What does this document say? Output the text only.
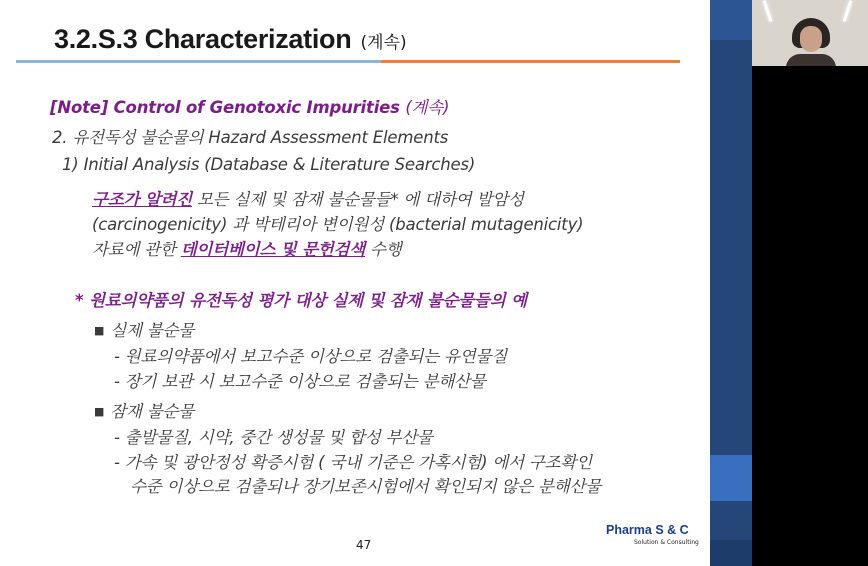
3.2.S.3 Characterization (계속)
[Note] Control of Genotoxic Impurities (계속)
2. 유전독성 불순물의 Hazard Assessment Elements
1) Initial Analysis (Database & Literature Searches)
구조가 알려진 모든 실제 및 잠재 불순물들* 에 대하여 발암성
(carcinogenicity) 과 박테리아 변이원성 (bacterial mutagenicity)
자료에 관한 데이터베이스 및 문헌검색 수행
* 원료의약품의 유전독성 평가 대상 실제 및 잠재 불순물들의 예
■ 실제 불순물
- 원료의약품에서 보고수준 이상으로 검출되는 유연물질
- 장기 보관 시 보고수준 이상으로 검출되는 분해산물
■ 잠재 불순물
- 출발물질, 시약, 중간 생성물 및 합성 부산물
- 가속 및 광안정성 확증시험 ( 국내 기준은 가혹시험) 에서 구조확인
수준 이상으로 검출되나 장기보존시험에서 확인되지 않은 분해산물
47
Pharma S & C
Solution & Consulting
